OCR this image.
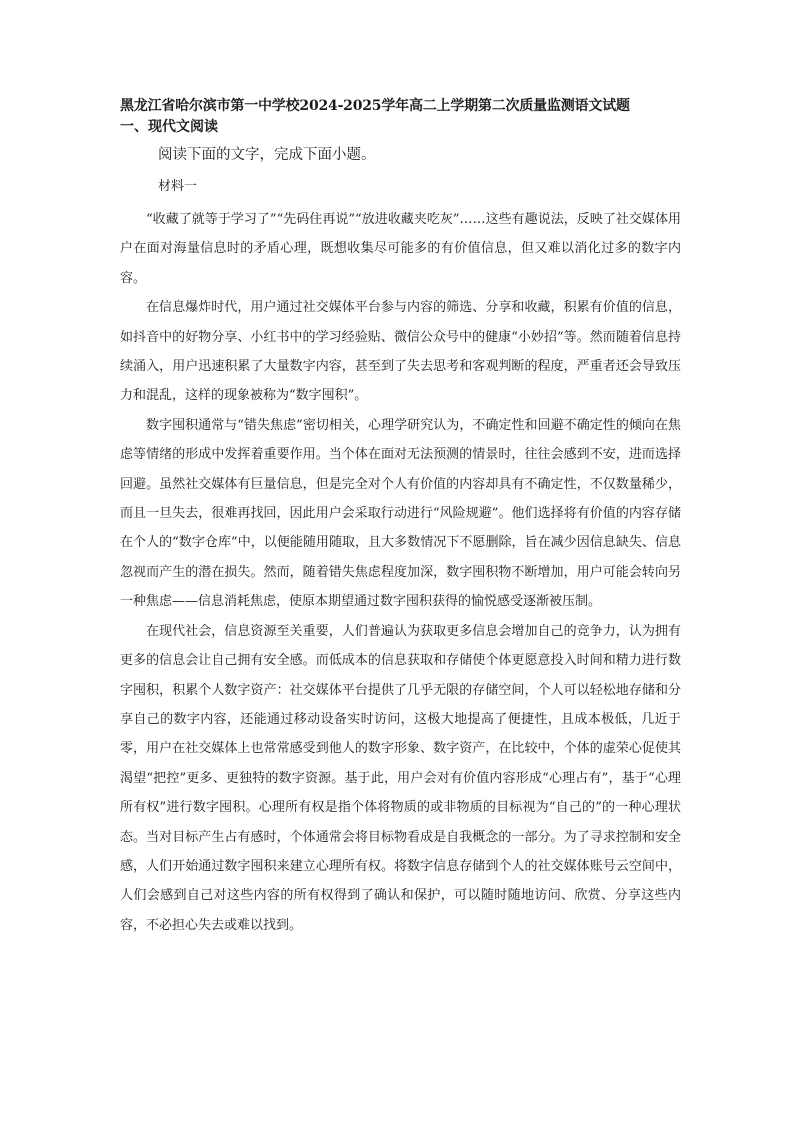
黑龙江省哈尔滨市第一中学校2024-2025学年高二上学期第二次质量监测语文试题
一、现代文阅读
阅读下面的文字，完成下面小题。
材料一

“收藏了就等于学习了”“先码住再说”“放进收藏夹吃灰”……这些有趣说法，反映了社交媒体用户在面对海量信息时的矛盾心理，既想收集尽可能多的有价值信息，但又难以消化过多的数字内容。

在信息爆炸时代，用户通过社交媒体平台参与内容的筛选、分享和收藏，积累有价值的信息，如抖音中的好物分享、小红书中的学习经验贴、微信公众号中的健康“小妙招”等。然而随着信息持续涌入，用户迅速积累了大量数字内容，甚至到了失去思考和客观判断的程度，严重者还会导致压力和混乱，这样的现象被称为“数字囤积”。

数字囤积通常与“错失焦虑”密切相关，心理学研究认为，不确定性和回避不确定性的倾向在焦虑等情绪的形成中发挥着重要作用。当个体在面对无法预测的情景时，往往会感到不安，进而选择回避。虽然社交媒体有巨量信息，但是完全对个人有价值的内容却具有不确定性，不仅数量稀少，而且一旦失去，很难再找回，因此用户会采取行动进行“风险规避”。他们选择将有价值的内容存储在个人的“数字仓库”中，以便能随用随取，且大多数情况下不愿删除，旨在减少因信息缺失、信息忽视而产生的潜在损失。然而，随着错失焦虑程度加深，数字囤积物不断增加，用户可能会转向另一种焦虑——信息消耗焦虑，使原本期望通过数字囤积获得的愉悦感受逐渐被压制。

在现代社会，信息资源至关重要，人们普遍认为获取更多信息会增加自己的竞争力，认为拥有更多的信息会让自己拥有安全感。而低成本的信息获取和存储使个体更愿意投入时间和精力进行数字囤积，积累个人数字资产：社交媒体平台提供了几乎无限的存储空间，个人可以轻松地存储和分享自己的数字内容，还能通过移动设备实时访问，这极大地提高了便捷性，且成本极低，几近于零，用户在社交媒体上也常常感受到他人的数字形象、数字资产，在比较中，个体的虚荣心促使其渴望“把控”更多、更独特的数字资源。基于此，用户会对有价值内容形成“心理占有”，基于“心理所有权”进行数字囤积。心理所有权是指个体将物质的或非物质的目标视为“自己的”的一种心理状态。当对目标产生占有感时，个体通常会将目标物看成是自我概念的一部分。为了寻求控制和安全感，人们开始通过数字囤积来建立心理所有权。将数字信息存储到个人的社交媒体账号云空间中，人们会感到自己对这些内容的所有权得到了确认和保护，可以随时随地访问、欣赏、分享这些内容，不必担心失去或难以找到。
